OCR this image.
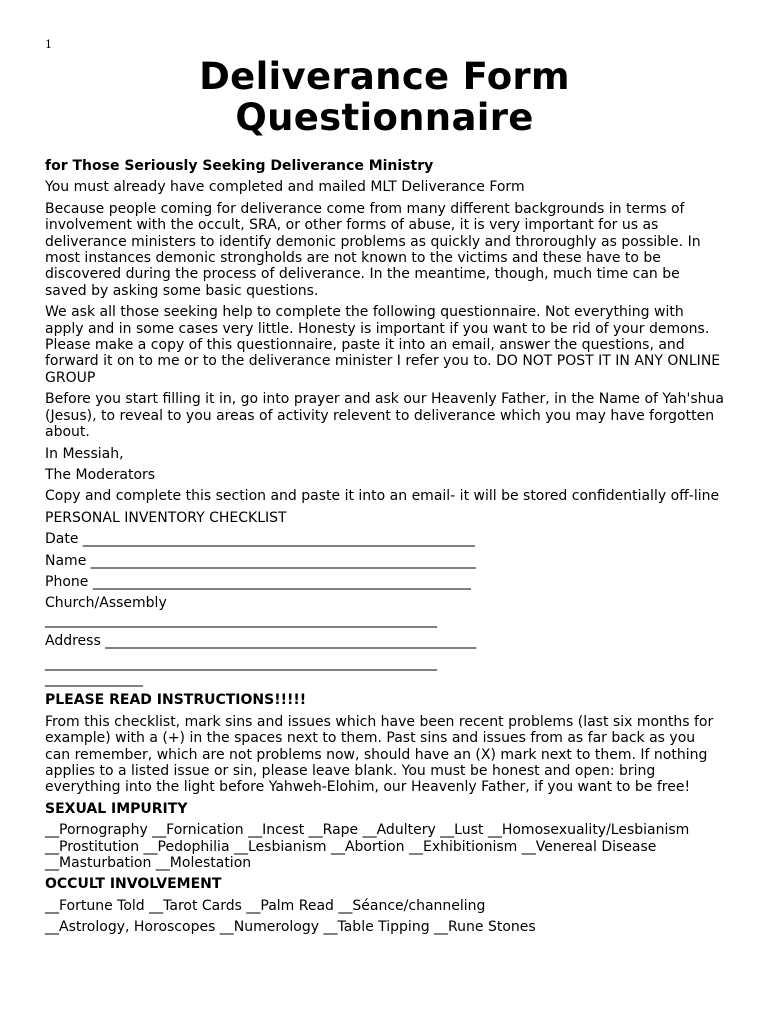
1
Deliverance Form
Questionnaire

for Those Seriously Seeking Deliverance Ministry

You must already have completed and mailed MLT Deliverance Form

Because people coming for deliverance come from many different backgrounds in terms of involvement with the occult, SRA, or other forms of abuse, it is very important for us as deliverance ministers to identify demonic problems as quickly and throroughly as possible. In most instances demonic strongholds are not known to the victims and these have to be discovered during the process of deliverance. In the meantime, though, much time can be saved by asking some basic questions.

We ask all those seeking help to complete the following questionnaire. Not everything with apply and in some cases very little. Honesty is important if you want to be rid of your demons. Please make a copy of this questionnaire, paste it into an email, answer the questions, and forward it on to me or to the deliverance minister I refer you to. DO NOT POST IT IN ANY ONLINE GROUP

Before you start filling it in, go into prayer and ask our Heavenly Father, in the Name of Yah'shua (Jesus), to reveal to you areas of activity relevent to deliverance which you may have forgotten about.

In Messiah,

The Moderators

Copy and complete this section and paste it into an email- it will be stored confidentially off-line

PERSONAL INVENTORY CHECKLIST

Date ________________________________________________________
Name _______________________________________________________
Phone ______________________________________________________
Church/Assembly
________________________________________________________
Address _____________________________________________________
________________________________________________________
______________

PLEASE READ INSTRUCTIONS!!!!!

From this checklist, mark sins and issues which have been recent problems (last six months for example) with a (+) in the spaces next to them. Past sins and issues from as far back as you can remember, which are not problems now, should have an (X) mark next to them. If nothing applies to a listed issue or sin, please leave blank. You must be honest and open: bring everything into the light before Yahweh-Elohim, our Heavenly Father, if you want to be free!

SEXUAL IMPURITY

__Pornography __Fornication __Incest __Rape __Adultery __Lust __Homosexuality/Lesbianism __Prostitution __Pedophilia __Lesbianism __Abortion __Exhibitionism __Venereal Disease __Masturbation __Molestation

OCCULT INVOLVEMENT

__Fortune Told __Tarot Cards __Palm Read __Séance/channeling

__Astrology, Horoscopes __Numerology __Table Tipping __Rune Stones
